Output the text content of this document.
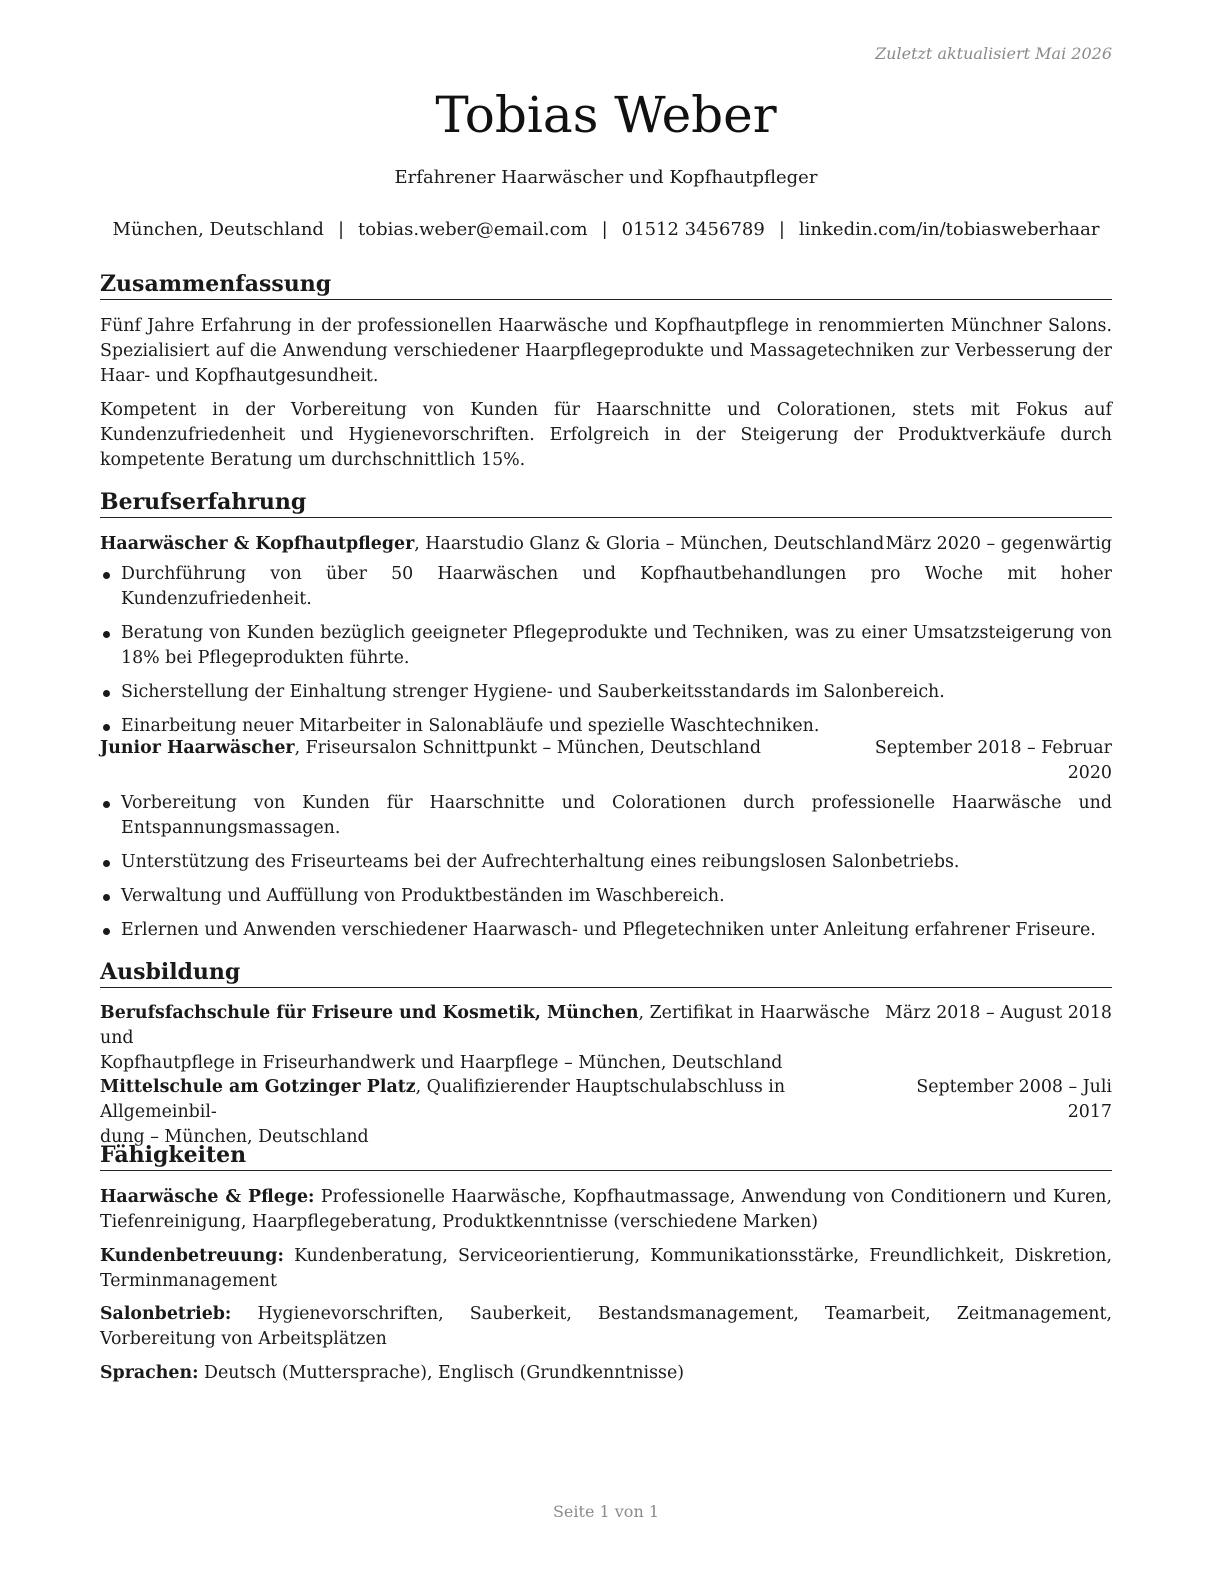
Zuletzt aktualisiert Mai 2026
Tobias Weber
Erfahrener Haarwäscher und Kopfhautpfleger
München, Deutschland | tobias.weber@email.com | 01512 3456789 | linkedin.com/in/tobiasweberhaar
Zusammenfassung

Fünf Jahre Erfahrung in der professionellen Haarwäsche und Kopfhautpflege in renommierten Münchner Salons. Spezialisiert auf die Anwendung verschiedener Haarpflegeprodukte und Massagetechniken zur Verbesserung der Haar- und Kopfhautgesundheit.

Kompetent in der Vorbereitung von Kunden für Haarschnitte und Colorationen, stets mit Fokus auf Kundenzufriedenheit und Hygienevorschriften. Erfolgreich in der Steigerung der Produktverkäufe durch kompetente Beratung um durchschnittlich 15%.

Berufserfahrung
Haarwäscher & Kopfhautpfleger, Haarstudio Glanz & Gloria – München, Deutschland März 2020 – gegenwärtig
Durchführung von über 50 Haarwäschen und Kopfhautbehandlungen pro Woche mit hoher Kundenzufriedenheit.
Beratung von Kunden bezüglich geeigneter Pflegeprodukte und Techniken, was zu einer Umsatzsteigerung von 18% bei Pflegeprodukten führte.
Sicherstellung der Einhaltung strenger Hygiene- und Sauberkeitsstandards im Salonbereich.
Einarbeitung neuer Mitarbeiter in Salonabläufe und spezielle Waschtechniken.
Junior Haarwäscher, Friseursalon Schnittpunkt – München, Deutschland	September 2018 – Februar
2020
Vorbereitung von Kunden für Haarschnitte und Colorationen durch professionelle Haarwäsche und Entspannungsmassagen.
Unterstützung des Friseurteams bei der Aufrechterhaltung eines reibungslosen Salonbetriebs.
Verwaltung und Auffüllung von Produktbeständen im Waschbereich.
Erlernen und Anwenden verschiedener Haarwasch- und Pflegetechniken unter Anleitung erfahrener Friseure.
Ausbildung
Berufsfachschule für Friseure und Kosmetik, München, Zertifikat in Haarwäsche und
Kopfhautpflege in Friseurhandwerk und Haarpflege – München, Deutschland
März 2018 – August 2018
Mittelschule am Gotzinger Platz, Qualifizierender Hauptschulabschluss in Allgemeinbil-
dung – München, Deutschland
September 2008 – Juli
2017
Fähigkeiten

Haarwäsche & Pflege: Professionelle Haarwäsche, Kopfhautmassage, Anwendung von Conditionern und Kuren, Tiefenreinigung, Haarpflegeberatung, Produktkenntnisse (verschiedene Marken)

Kundenbetreuung: Kundenberatung, Serviceorientierung, Kommunikationsstärke, Freundlichkeit, Diskretion, Terminmanagement

Salonbetrieb: Hygienevorschriften, Sauberkeit, Bestandsmanagement, Teamarbeit, Zeitmanagement, Vorbereitung von Arbeitsplätzen

Sprachen: Deutsch (Muttersprache), Englisch (Grundkenntnisse)

Seite 1 von 1
